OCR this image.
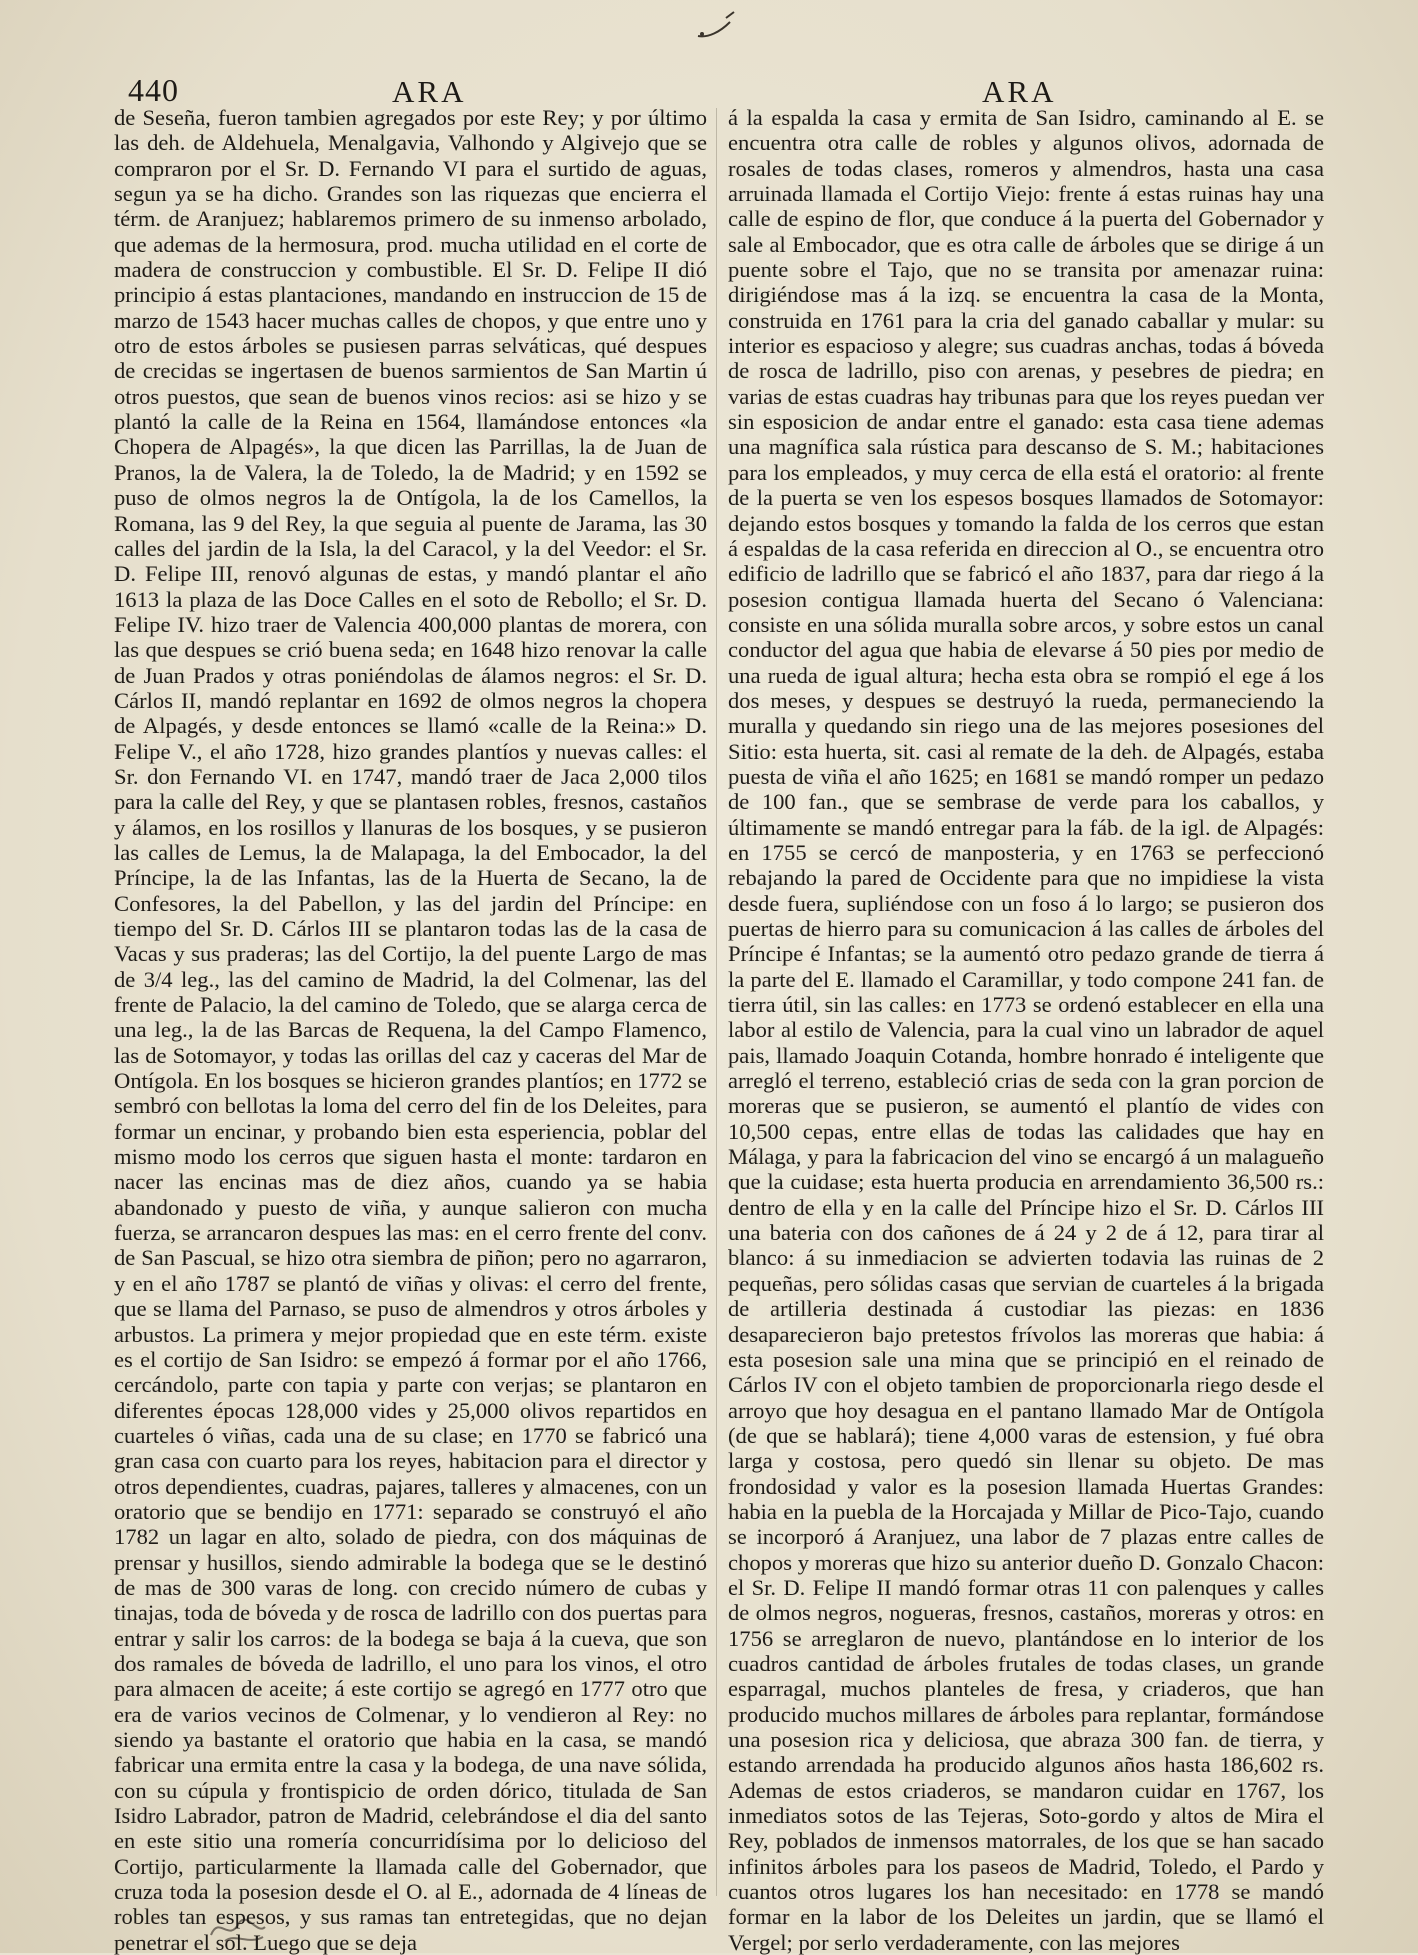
440	ARA	ARA

de Seseña, fueron tambien agregados por este Rey; y por último las deh. de Aldehuela, Menalgavia, Valhondo y Algivejo que se compraron por el Sr. D. Fernando VI para el surtido de aguas, segun ya se ha dicho. Grandes son las riquezas que encierra el térm. de Aranjuez; hablaremos primero de su inmenso arbolado, que ademas de la hermosura, prod. mucha utilidad en el corte de madera de construccion y combustible. El Sr. D. Felipe II dió principio á estas plantaciones, mandando en instruccion de 15 de marzo de 1543 hacer muchas calles de chopos, y que entre uno y otro de estos árboles se pusiesen parras selváticas, qué despues de crecidas se ingertasen de buenos sarmientos de San Martin ú otros puestos, que sean de buenos vinos recios: asi se hizo y se plantó la calle de la Reina en 1564, llamándose entonces «la Chopera de Alpagés», la que dicen las Parrillas, la de Juan de Pranos, la de Valera, la de Toledo, la de Madrid; y en 1592 se puso de olmos negros la de Ontígola, la de los Camellos, la Romana, las 9 del Rey, la que seguia al puente de Jarama, las 30 calles del jardin de la Isla, la del Caracol, y la del Veedor: el Sr. D. Felipe III, renovó algunas de estas, y mandó plantar el año 1613 la plaza de las Doce Calles en el soto de Rebollo; el Sr. D. Felipe IV. hizo traer de Valencia 400,000 plantas de morera, con las que despues se crió buena seda; en 1648 hizo renovar la calle de Juan Prados y otras poniéndolas de álamos negros: el Sr. D. Cárlos II, mandó replantar en 1692 de olmos negros la chopera de Alpagés, y desde entonces se llamó «calle de la Reina:» D. Felipe V., el año 1728, hizo grandes plantíos y nuevas calles: el Sr. don Fernando VI. en 1747, mandó traer de Jaca 2,000 tilos para la calle del Rey, y que se plantasen robles, fresnos, castaños y álamos, en los rosillos y llanuras de los bosques, y se pusieron las calles de Lemus, la de Malapaga, la del Embocador, la del Príncipe, la de las Infantas, las de la Huerta de Secano, la de Confesores, la del Pabellon, y las del jardin del Príncipe: en tiempo del Sr. D. Cárlos III se plantaron todas las de la casa de Vacas y sus praderas; las del Cortijo, la del puente Largo de mas de 3/4 leg., las del camino de Madrid, la del Colmenar, las del frente de Palacio, la del camino de Toledo, que se alarga cerca de una leg., la de las Barcas de Requena, la del Campo Flamenco, las de Sotomayor, y todas las orillas del caz y caceras del Mar de Ontígola. En los bosques se hicieron grandes plantíos; en 1772 se sembró con bellotas la loma del cerro del fin de los Deleites, para formar un encinar, y probando bien esta esperiencia, poblar del mismo modo los cerros que siguen hasta el monte: tardaron en nacer las encinas mas de diez años, cuando ya se habia abandonado y puesto de viña, y aunque salieron con mucha fuerza, se arrancaron despues las mas: en el cerro frente del conv. de San Pascual, se hizo otra siembra de piñon; pero no agarraron, y en el año 1787 se plantó de viñas y olivas: el cerro del frente, que se llama del Parnaso, se puso de almendros y otros árboles y arbustos. La primera y mejor propiedad que en este térm. existe es el cortijo de San Isidro: se empezó á formar por el año 1766, cercándolo, parte con tapia y parte con verjas; se plantaron en diferentes épocas 128,000 vides y 25,000 olivos repartidos en cuarteles ó viñas, cada una de su clase; en 1770 se fabricó una gran casa con cuarto para los reyes, habitacion para el director y otros dependientes, cuadras, pajares, talleres y almacenes, con un oratorio que se bendijo en 1771: separado se construyó el año 1782 un lagar en alto, solado de piedra, con dos máquinas de prensar y husillos, siendo admirable la bodega que se le destinó de mas de 300 varas de long. con crecido número de cubas y tinajas, toda de bóveda y de rosca de ladrillo con dos puertas para entrar y salir los carros: de la bodega se baja á la cueva, que son dos ramales de bóveda de ladrillo, el uno para los vinos, el otro para almacen de aceite; á este cortijo se agregó en 1777 otro que era de varios vecinos de Colmenar, y lo vendieron al Rey: no siendo ya bastante el oratorio que habia en la casa, se mandó fabricar una ermita entre la casa y la bodega, de una nave sólida, con su cúpula y frontispicio de orden dórico, titulada de San Isidro Labrador, patron de Madrid, celebrándose el dia del santo en este sitio una romería concurridísima por lo delicioso del Cortijo, particularmente la llamada calle del Gobernador, que cruza toda la posesion desde el O. al E., adornada de 4 líneas de robles tan espesos, y sus ramas tan entretegidas, que no dejan penetrar el sol. Luego que se deja

á la espalda la casa y ermita de San Isidro, caminando al E. se encuentra otra calle de robles y algunos olivos, adornada de rosales de todas clases, romeros y almendros, hasta una casa arruinada llamada el Cortijo Viejo: frente á estas ruinas hay una calle de espino de flor, que conduce á la puerta del Gobernador y sale al Embocador, que es otra calle de árboles que se dirige á un puente sobre el Tajo, que no se transita por amenazar ruina: dirigiéndose mas á la izq. se encuentra la casa de la Monta, construida en 1761 para la cria del ganado caballar y mular: su interior es espacioso y alegre; sus cuadras anchas, todas á bóveda de rosca de ladrillo, piso con arenas, y pesebres de piedra; en varias de estas cuadras hay tribunas para que los reyes puedan ver sin esposicion de andar entre el ganado: esta casa tiene ademas una magnífica sala rústica para descanso de S. M.; habitaciones para los empleados, y muy cerca de ella está el oratorio: al frente de la puerta se ven los espesos bosques llamados de Sotomayor: dejando estos bosques y tomando la falda de los cerros que estan á espaldas de la casa referida en direccion al O., se encuentra otro edificio de ladrillo que se fabricó el año 1837, para dar riego á la posesion contigua llamada huerta del Secano ó Valenciana: consiste en una sólida muralla sobre arcos, y sobre estos un canal conductor del agua que habia de elevarse á 50 pies por medio de una rueda de igual altura; hecha esta obra se rompió el ege á los dos meses, y despues se destruyó la rueda, permaneciendo la muralla y quedando sin riego una de las mejores posesiones del Sitio: esta huerta, sit. casi al remate de la deh. de Alpagés, estaba puesta de viña el año 1625; en 1681 se mandó romper un pedazo de 100 fan., que se sembrase de verde para los caballos, y últimamente se mandó entregar para la fáb. de la igl. de Alpagés: en 1755 se cercó de manposteria, y en 1763 se perfeccionó rebajando la pared de Occidente para que no impidiese la vista desde fuera, supliéndose con un foso á lo largo; se pusieron dos puertas de hierro para su comunicacion á las calles de árboles del Príncipe é Infantas; se la aumentó otro pedazo grande de tierra á la parte del E. llamado el Caramillar, y todo compone 241 fan. de tierra útil, sin las calles: en 1773 se ordenó establecer en ella una labor al estilo de Valencia, para la cual vino un labrador de aquel pais, llamado Joaquin Cotanda, hombre honrado é inteligente que arregló el terreno, estableció crias de seda con la gran porcion de moreras que se pusieron, se aumentó el plantío de vides con 10,500 cepas, entre ellas de todas las calidades que hay en Málaga, y para la fabricacion del vino se encargó á un malagueño que la cuidase; esta huerta producia en arrendamiento 36,500 rs.: dentro de ella y en la calle del Príncipe hizo el Sr. D. Cárlos III una bateria con dos cañones de á 24 y 2 de á 12, para tirar al blanco: á su inmediacion se advierten todavia las ruinas de 2 pequeñas, pero sólidas casas que servian de cuarteles á la brigada de artilleria destinada á custodiar las piezas: en 1836 desaparecieron bajo pretestos frívolos las moreras que habia: á esta posesion sale una mina que se principió en el reinado de Cárlos IV con el objeto tambien de proporcionarla riego desde el arroyo que hoy desagua en el pantano llamado Mar de Ontígola (de que se hablará); tiene 4,000 varas de estension, y fué obra larga y costosa, pero quedó sin llenar su objeto. De mas frondosidad y valor es la posesion llamada Huertas Grandes: habia en la puebla de la Horcajada y Millar de Pico-Tajo, cuando se incorporó á Aranjuez, una labor de 7 plazas entre calles de chopos y moreras que hizo su anterior dueño D. Gonzalo Chacon: el Sr. D. Felipe II mandó formar otras 11 con palenques y calles de olmos negros, nogueras, fresnos, castaños, moreras y otros: en 1756 se arreglaron de nuevo, plantándose en lo interior de los cuadros cantidad de árboles frutales de todas clases, un grande esparragal, muchos planteles de fresa, y criaderos, que han producido muchos millares de árboles para replantar, formándose una posesion rica y deliciosa, que abraza 300 fan. de tierra, y estando arrendada ha producido algunos años hasta 186,602 rs. Ademas de estos criaderos, se mandaron cuidar en 1767, los inmediatos sotos de las Tejeras, Soto-gordo y altos de Mira el Rey, poblados de inmensos matorrales, de los que se han sacado infinitos árboles para los paseos de Madrid, Toledo, el Pardo y cuantos otros lugares los han necesitado: en 1778 se mandó formar en la labor de los Deleites un jardin, que se llamó el Vergel; por serlo verdaderamente, con las mejores
